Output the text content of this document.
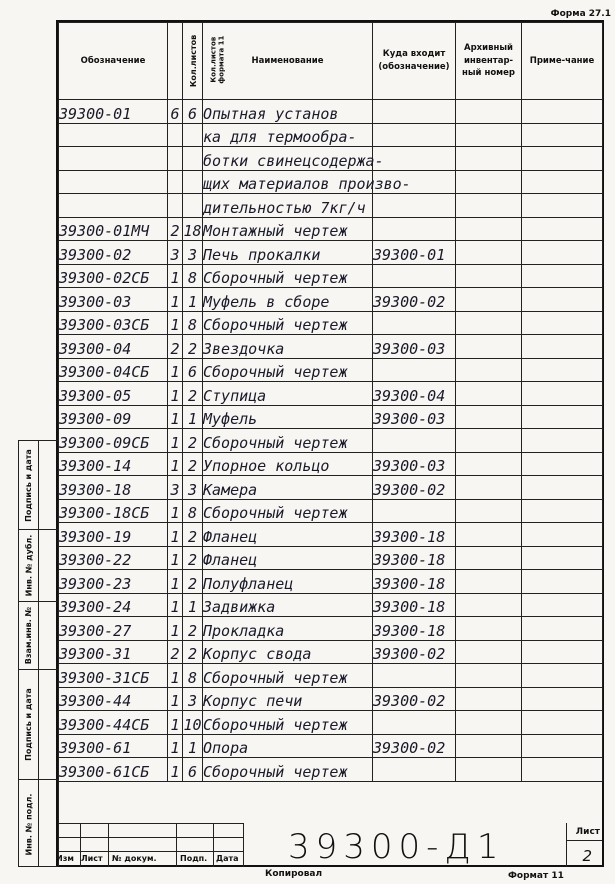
Форма 27.1
Обозначение	Кол.листов	Кол.листов формата 11	Наименование	Куда входит (обозначение)	Архивный инвентар-ный номер	Приме-чание
39300-01	6	6	Опытная установ			
			ка для термообра-			
			ботки свинецсодержа-			
			щих материалов произво-			
			дительностью 7кг/ч			
39300-01МЧ	2	18	Монтажный чертеж			
39300-02	3	3	Печь прокалки	39300-01		
39300-02СБ	1	8	Сборочный чертеж			
39300-03	1	1	Муфель в сборе	39300-02		
39300-03СБ	1	8	Сборочный чертеж			
39300-04	2	2	Звездочка	39300-03		
39300-04СБ	1	6	Сборочный чертеж			
39300-05	1	2	Ступица	39300-04		
39300-09	1	1	Муфель	39300-03		
39300-09СБ	1	2	Сборочный чертеж			
39300-14	1	2	Упорное кольцо	39300-03		
39300-18	3	3	Камера	39300-02		
39300-18СБ	1	8	Сборочный чертеж			
39300-19	1	2	Фланец	39300-18		
39300-22	1	2	Фланец	39300-18		
39300-23	1	2	Полуфланец	39300-18		
39300-24	1	1	Задвижка	39300-18		
39300-27	1	2	Прокладка	39300-18		
39300-31	2	2	Корпус свода	39300-02		
39300-31СБ	1	8	Сборочный чертеж			
39300-44	1	3	Корпус печи	39300-02		
39300-44СБ	1	10	Сборочный чертеж			
39300-61	1	1	Опора	39300-02		
39300-61СБ	1	6	Сборочный чертеж			
Подпись и дата
Инв. № дубл.
Взам.инв. №
Подпись и дата
Инв. № подл.
Изм Лист № докум.	Подп. Дата 39300-Д1	Лист
2
Копировал	Формат 11
